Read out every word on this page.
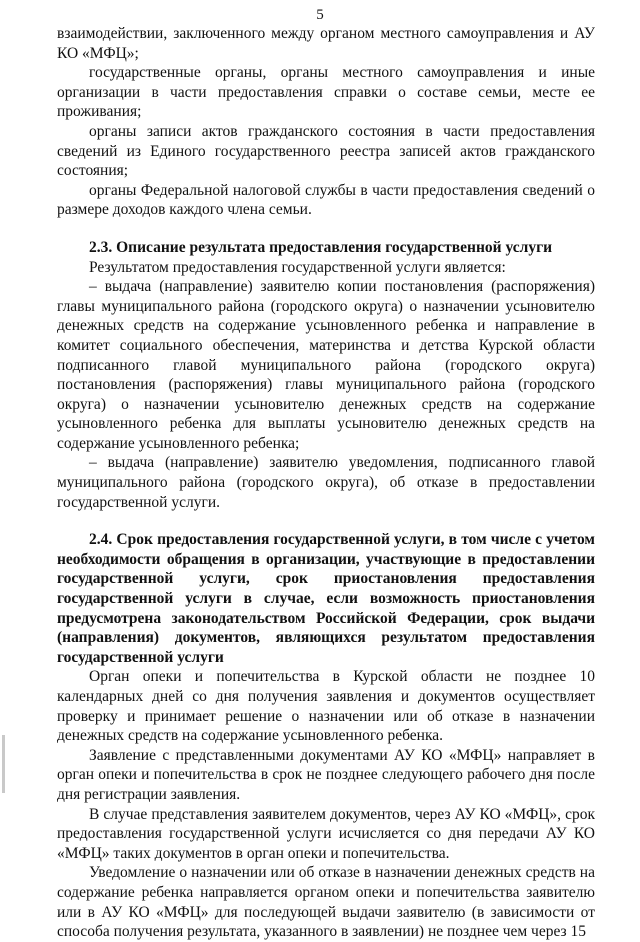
5

взаимодействии, заключенного между органом местного самоуправления и АУ КО «МФЦ»;

государственные органы, органы местного самоуправления и иные организации в части предоставления справки о составе семьи, месте ее проживания;

органы записи актов гражданского состояния в части предоставления сведений из Единого государственного реестра записей актов гражданского состояния;

органы Федеральной налоговой службы в части предоставления сведений о размере доходов каждого члена семьи.

2.3. Описание результата предоставления государственной услуги

Результатом предоставления государственной услуги является:

– выдача (направление) заявителю копии постановления (распоряжения) главы муниципального района (городского округа) о назначении усыновителю денежных средств на содержание усыновленного ребенка и направление в комитет социального обеспечения, материнства и детства Курской области подписанного главой муниципального района (городского округа) постановления (распоряжения) главы муниципального района (городского округа) о назначении усыновителю денежных средств на содержание усыновленного ребенка для выплаты усыновителю денежных средств на содержание усыновленного ребенка;

– выдача (направление) заявителю уведомления, подписанного главой муниципального района (городского округа), об отказе в предоставлении государственной услуги.

2.4. Срок предоставления государственной услуги, в том числе с учетом необходимости обращения в организации, участвующие в предоставлении государственной услуги, срок приостановления предоставления государственной услуги в случае, если возможность приостановления предусмотрена законодательством Российской Федерации, срок выдачи (направления) документов, являющихся результатом предоставления государственной услуги

Орган опеки и попечительства в Курской области не позднее 10 календарных дней со дня получения заявления и документов осуществляет проверку и принимает решение о назначении или об отказе в назначении денежных средств на содержание усыновленного ребенка.

Заявление с представленными документами АУ КО «МФЦ» направляет в орган опеки и попечительства в срок не позднее следующего рабочего дня после дня регистрации заявления.

В случае представления заявителем документов, через АУ КО «МФЦ», срок предоставления государственной услуги исчисляется со дня передачи АУ КО «МФЦ» таких документов в орган опеки и попечительства.

Уведомление о назначении или об отказе в назначении денежных средств на содержание ребенка направляется органом опеки и попечительства заявителю или в АУ КО «МФЦ» для последующей выдачи заявителю (в зависимости от способа получения результата, указанного в заявлении) не позднее чем через 15
